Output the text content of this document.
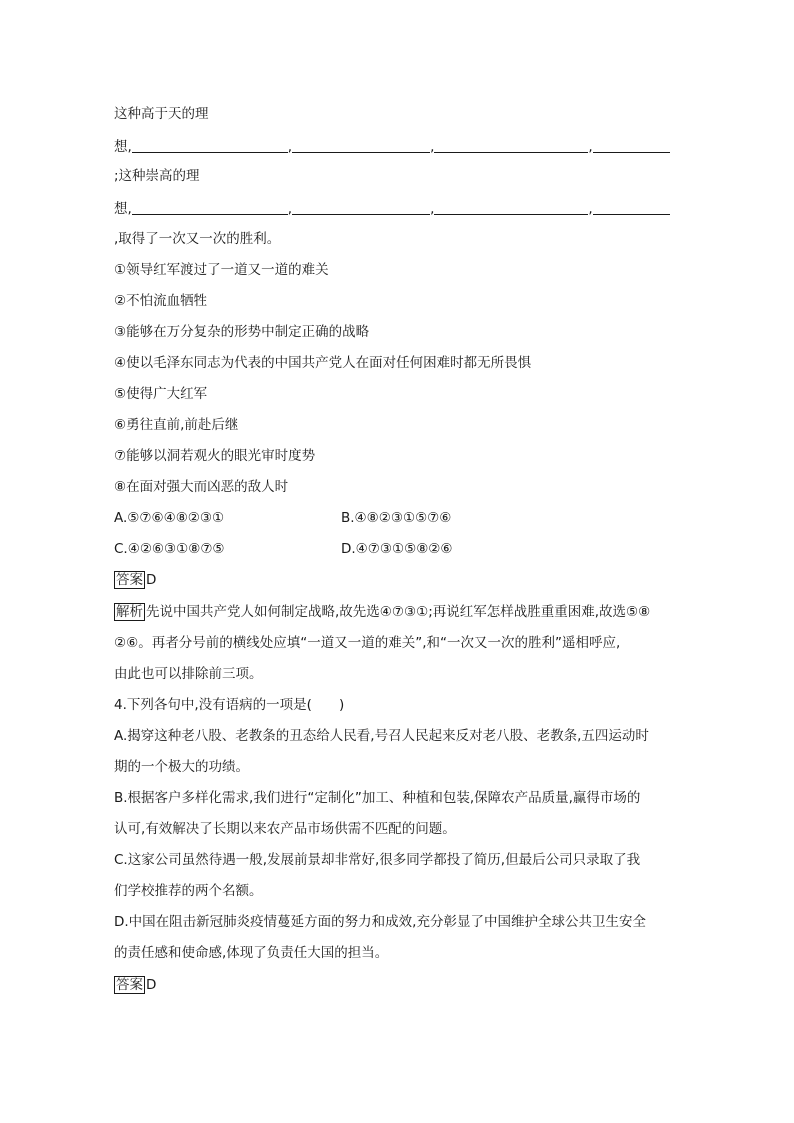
这种高于天的理
想,	,	,	,
;这种崇高的理
想,	,	,	,
,取得了一次又一次的胜利。
①领导红军渡过了一道又一道的难关
②不怕流血牺牲
③能够在万分复杂的形势中制定正确的战略
④使以毛泽东同志为代表的中国共产党人在面对任何困难时都无所畏惧
⑤使得广大红军
⑥勇往直前,前赴后继
⑦能够以洞若观火的眼光审时度势
⑧在面对强大而凶恶的敌人时
A.⑤⑦⑥④⑧②③①	B.④⑧②③①⑤⑦⑥
C.④②⑥③①⑧⑦⑤	D.④⑦③①⑤⑧②⑥
答案 D
解析 先说中国共产党人如何制定战略,故先选④⑦③①;再说红军怎样战胜重重困难,故选⑤⑧
②⑥。再者分号前的横线处应填“一道又一道的难关”,和“一次又一次的胜利”遥相呼应,
由此也可以排除前三项。
4.下列各句中,没有语病的一项是(　　)
A.揭穿这种老八股、老教条的丑态给人民看,号召人民起来反对老八股、老教条,五四运动时
期的一个极大的功绩。
B.根据客户多样化需求,我们进行“定制化”加工、种植和包装,保障农产品质量,赢得市场的
认可,有效解决了长期以来农产品市场供需不匹配的问题。
C.这家公司虽然待遇一般,发展前景却非常好,很多同学都投了简历,但最后公司只录取了我
们学校推荐的两个名额。
D.中国在阻击新冠肺炎疫情蔓延方面的努力和成效,充分彰显了中国维护全球公共卫生安全
的责任感和使命感,体现了负责任大国的担当。
答案 D
